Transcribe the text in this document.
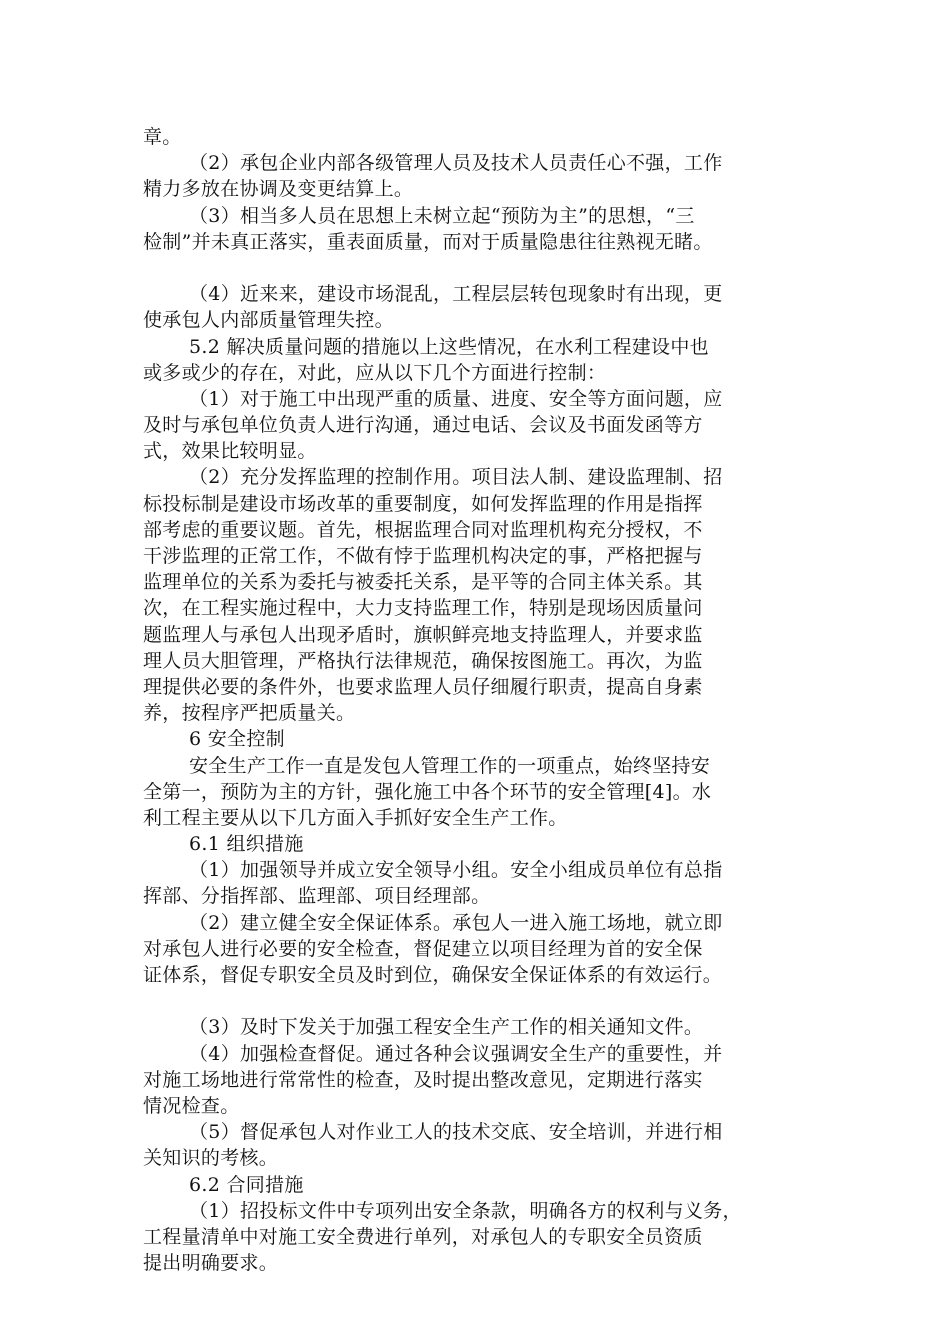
章。
（2）承包企业内部各级管理人员及技术人员责任心不强，工作
精力多放在协调及变更结算上。
（3）相当多人员在思想上未树立起“预防为主”的思想，“三
检制”并未真正落实，重表面质量，而对于质量隐患往往熟视无睹。
（4）近来来，建设市场混乱，工程层层转包现象时有出现，更
使承包人内部质量管理失控。
5.2 解决质量问题的措施以上这些情况，在水利工程建设中也
或多或少的存在，对此，应从以下几个方面进行控制：
（1）对于施工中出现严重的质量、进度、安全等方面问题，应
及时与承包单位负责人进行沟通，通过电话、会议及书面发函等方
式，效果比较明显。
（2）充分发挥监理的控制作用。项目法人制、建设监理制、招
标投标制是建设市场改革的重要制度，如何发挥监理的作用是指挥
部考虑的重要议题。首先，根据监理合同对监理机构充分授权，不
干涉监理的正常工作，不做有悖于监理机构决定的事，严格把握与
监理单位的关系为委托与被委托关系，是平等的合同主体关系。其
次，在工程实施过程中，大力支持监理工作，特别是现场因质量问
题监理人与承包人出现矛盾时，旗帜鲜亮地支持监理人，并要求监
理人员大胆管理，严格执行法律规范，确保按图施工。再次，为监
理提供必要的条件外，也要求监理人员仔细履行职责，提高自身素
养，按程序严把质量关。
6 安全控制
安全生产工作一直是发包人管理工作的一项重点，始终坚持安
全第一，预防为主的方针，强化施工中各个环节的安全管理[4]。水
利工程主要从以下几方面入手抓好安全生产工作。
6.1 组织措施
（1）加强领导并成立安全领导小组。安全小组成员单位有总指
挥部、分指挥部、监理部、项目经理部。
（2）建立健全安全保证体系。承包人一进入施工场地，就立即
对承包人进行必要的安全检查，督促建立以项目经理为首的安全保
证体系，督促专职安全员及时到位，确保安全保证体系的有效运行。
（3）及时下发关于加强工程安全生产工作的相关通知文件。
（4）加强检查督促。通过各种会议强调安全生产的重要性，并
对施工场地进行常常性的检查，及时提出整改意见，定期进行落实
情况检查。
（5）督促承包人对作业工人的技术交底、安全培训，并进行相
关知识的考核。
6.2 合同措施
（1）招投标文件中专项列出安全条款，明确各方的权利与义务，
工程量清单中对施工安全费进行单列，对承包人的专职安全员资质
提出明确要求。
